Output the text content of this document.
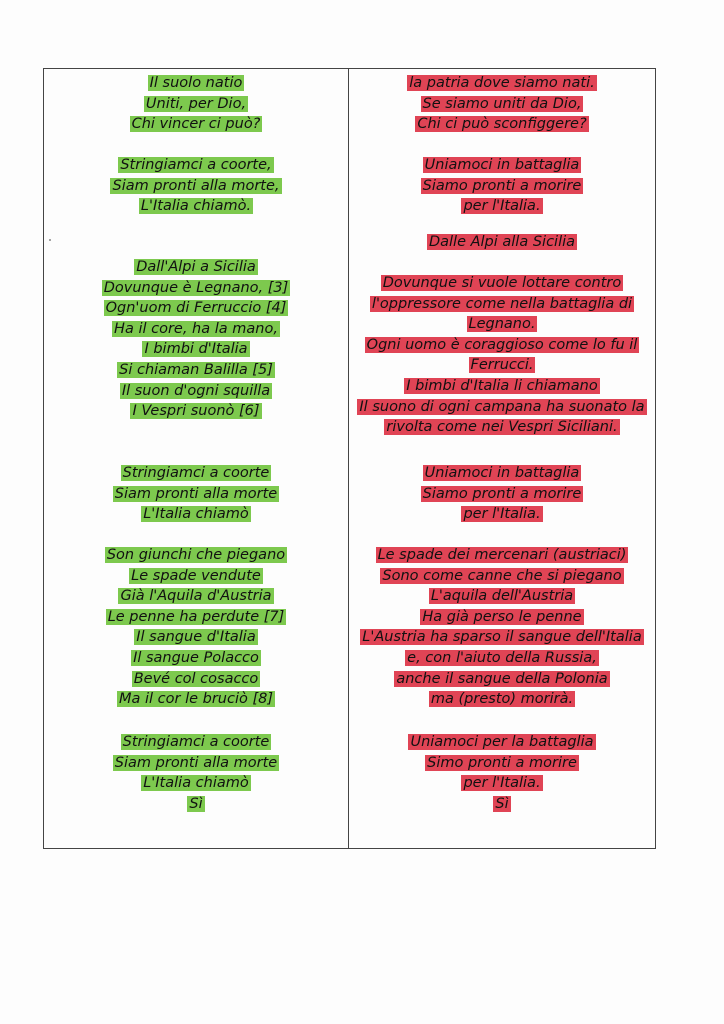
Il suolo natio
Uniti, per Dio,
Chi vincer ci può?
Stringiamci a coorte,
Siam pronti alla morte,
L'Italia chiamò.
Dall'Alpi a Sicilia
Dovunque è Legnano, [3]
Ogn'uom di Ferruccio [4]
Ha il core, ha la mano,
I bimbi d'Italia
Si chiaman Balilla [5]
Il suon d'ogni squilla
I Vespri suonò [6]
Stringiamci a coorte
Siam pronti alla morte
L'Italia chiamò
Son giunchi che piegano
Le spade vendute
Già l'Aquila d'Austria
Le penne ha perdute [7]
Il sangue d'Italia
Il sangue Polacco
Bevé col cosacco
Ma il cor le bruciò [8]
Stringiamci a coorte
Siam pronti alla morte
L'Italia chiamò
Sì
la patria dove siamo nati.
Se siamo uniti da Dio,
Chi ci può sconfiggere?
Uniamoci in battaglia
Siamo pronti a morire
per l'Italia.
Dalle Alpi alla Sicilia
Dovunque si vuole lottare contro
l'oppressore come nella battaglia di
Legnano.
Ogni uomo è coraggioso come lo fu il
Ferrucci.
I bimbi d'Italia li chiamano
Il suono di ogni campana ha suonato la
rivolta come nei Vespri Siciliani.
Uniamoci in battaglia
Siamo pronti a morire
per l'Italia.
Le spade dei mercenari (austriaci)
Sono come canne che si piegano
L'aquila dell'Austria
Ha già perso le penne
L'Austria ha sparso il sangue dell'Italia
e, con l'aiuto della Russia,
anche il sangue della Polonia
ma (presto) morirà.
Uniamoci per la battaglia
Simo pronti a morire
per l'Italia.
Sì
